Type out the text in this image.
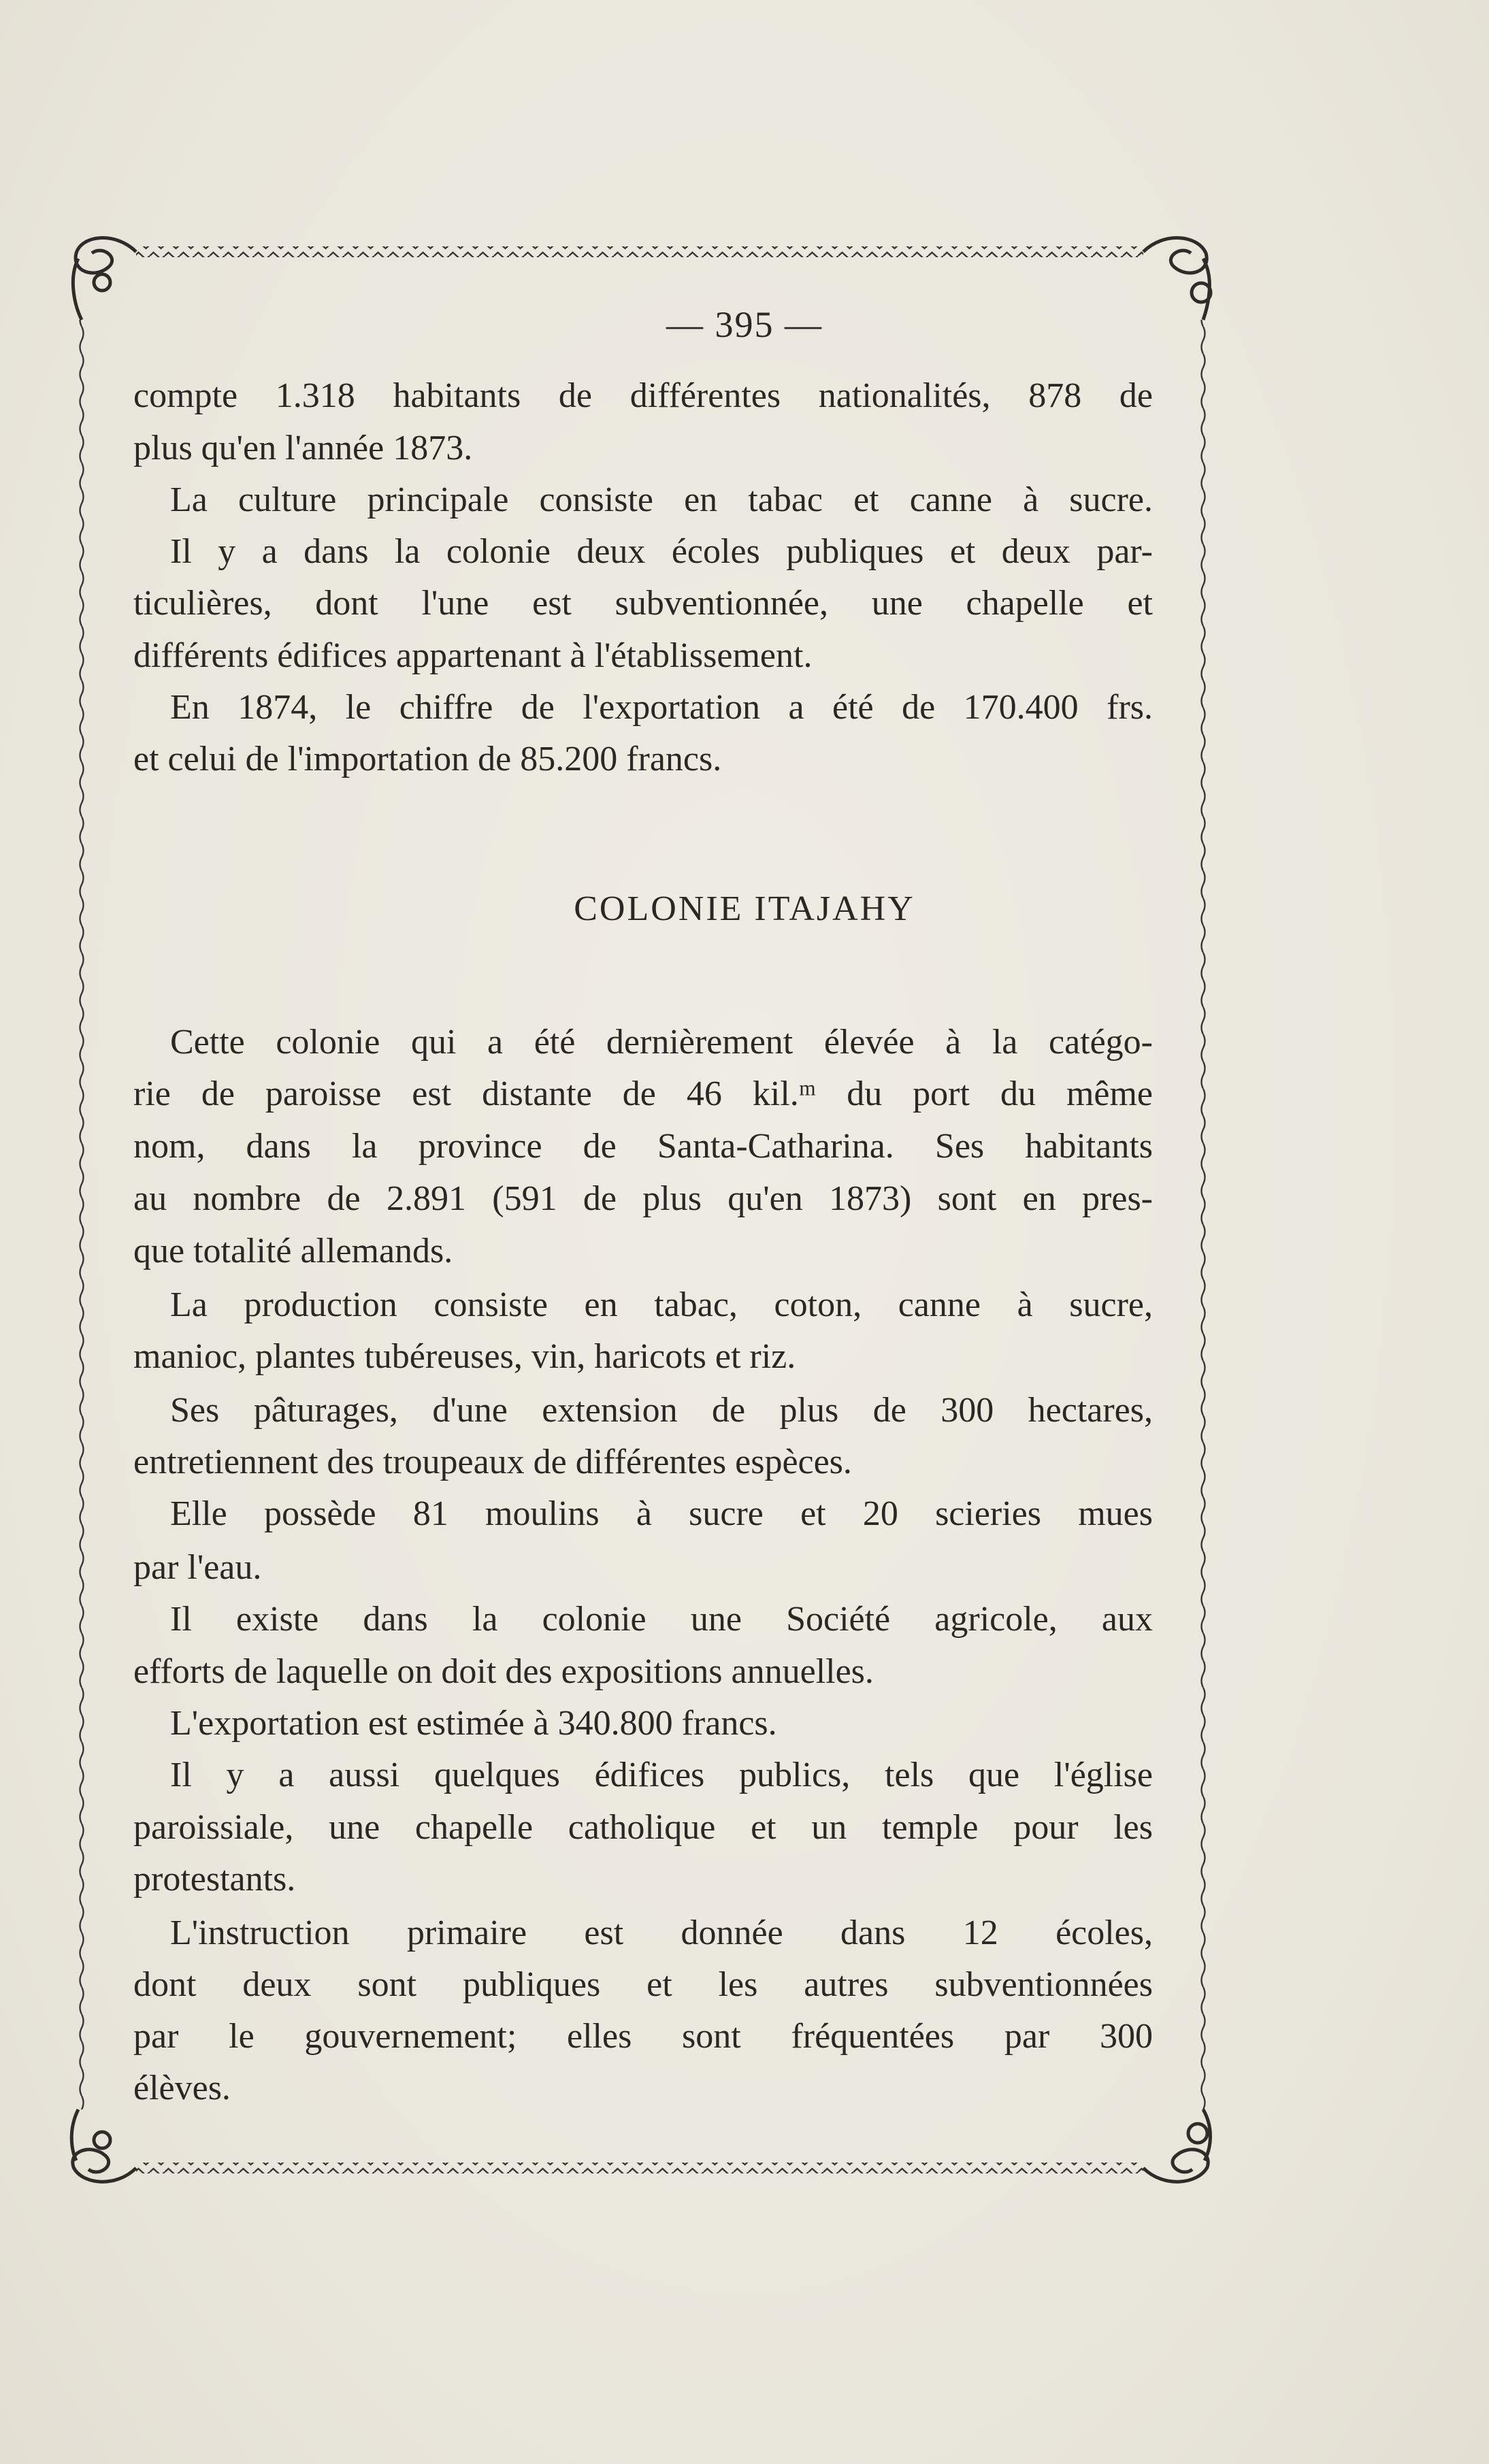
— 395 —
compte 1.318 habitants de différentes nationalités, 878 de
plus qu'en l'année 1873.
La culture principale consiste en tabac et canne à sucre.
Il y a dans la colonie deux écoles publiques et deux par-
ticulières, dont l'une est subventionnée, une chapelle et
différents édifices appartenant à l'établissement.
En 1874, le chiffre de l'exportation a été de 170.400 frs.
et celui de l'importation de 85.200 francs.
COLONIE ITAJAHY
Cette colonie qui a été dernièrement élevée à la catégo-
rie de paroisse est distante de 46 kil.ᵐ du port du même
nom, dans la province de Santa-Catharina. Ses habitants
au nombre de 2.891 (591 de plus qu'en 1873) sont en pres-
que totalité allemands.
La production consiste en tabac, coton, canne à sucre,
manioc, plantes tubéreuses, vin, haricots et riz.
Ses pâturages, d'une extension de plus de 300 hectares,
entretiennent des troupeaux de différentes espèces.
Elle possède 81 moulins à sucre et 20 scieries mues
par l'eau.
Il existe dans la colonie une Société agricole, aux
efforts de laquelle on doit des expositions annuelles.
L'exportation est estimée à 340.800 francs.
Il y a aussi quelques édifices publics, tels que l'église
paroissiale, une chapelle catholique et un temple pour les
protestants.
L'instruction primaire est donnée dans 12 écoles,
dont deux sont publiques et les autres subventionnées
par le gouvernement; elles sont fréquentées par 300
élèves.
